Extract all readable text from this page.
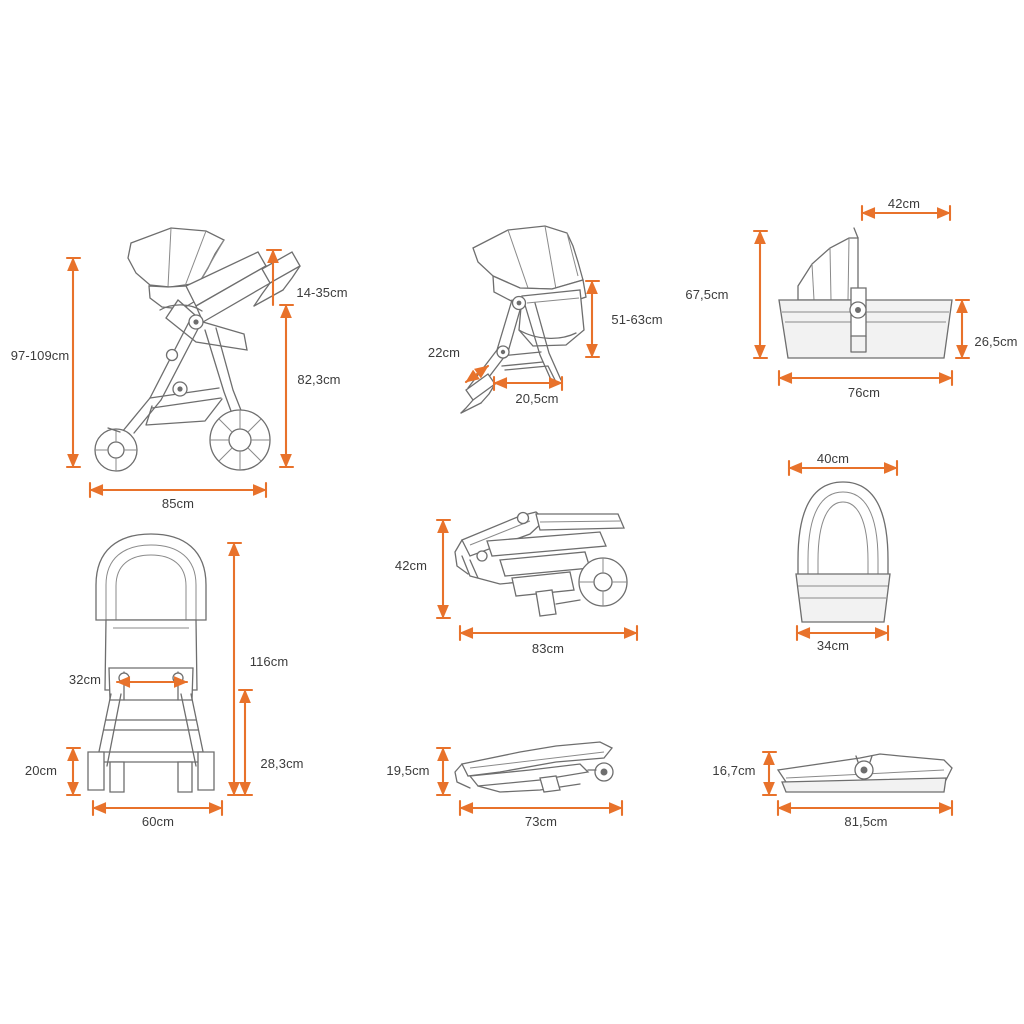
97-109cm
14-35cm
82,3cm
85cm
22cm
51-63cm
20,5cm
42cm
67,5cm
26,5cm
76cm
32cm
116cm
28,3cm
20cm
60cm
42cm
83cm
40cm
34cm
19,5cm
73cm
16,7cm
81,5cm
